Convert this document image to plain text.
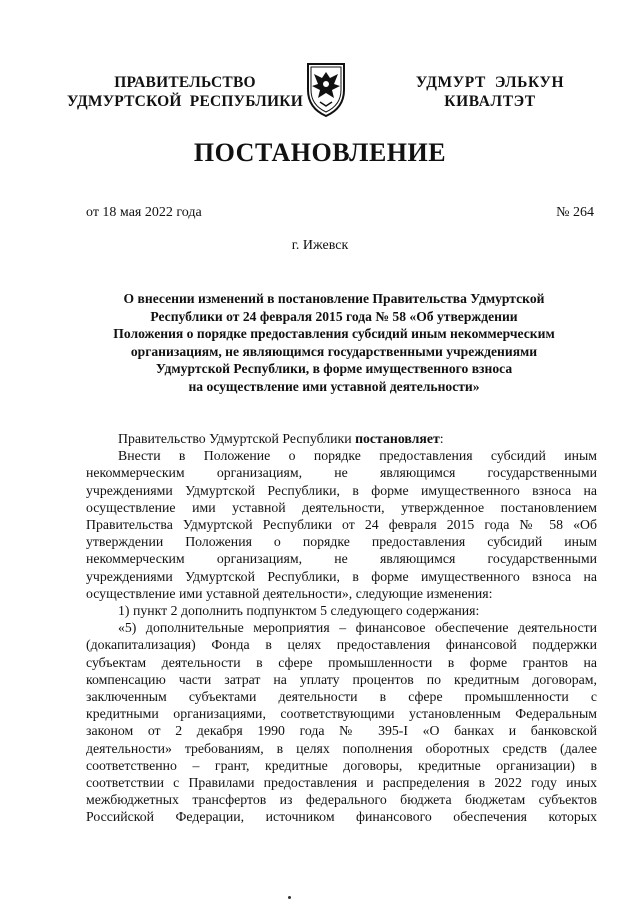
ПРАВИТЕЛЬСТВО
УДМУРТСКОЙ  РЕСПУБЛИКИ
УДМУРТ  ЭЛЬКУН
КИВАЛТЭТ
ПОСТАНОВЛЕНИЕ
от 18 мая 2022 года	№ 264
г. Ижевск
О внесении изменений в постановление Правительства Удмуртской
Республики от 24 февраля 2015 года № 58 «Об утверждении
Положения о порядке предоставления субсидий иным некоммерческим
организациям, не являющимся государственными учреждениями
Удмуртской Республики, в форме имущественного взноса
на осуществление ими уставной деятельности»

Правительство Удмуртской Республики постановляет:

Внести в Положение о порядке предоставления субсидий иным

некоммерческим организациям, не являющимся государственными

учреждениями Удмуртской Республики, в форме имущественного взноса на

осуществление ими уставной деятельности, утвержденное постановлением

Правительства Удмуртской Республики от 24 февраля 2015 года № 58 «Об

утверждении Положения о порядке предоставления субсидий иным

некоммерческим организациям, не являющимся государственными

учреждениями Удмуртской Республики, в форме имущественного взноса на

осуществление ими уставной деятельности», следующие изменения:

1) пункт 2 дополнить подпунктом 5 следующего содержания:

«5) дополнительные мероприятия – финансовое обеспечение деятельности

(докапитализация) Фонда в целях предоставления финансовой поддержки

субъектам деятельности в сфере промышленности в форме грантов на

компенсацию части затрат на уплату процентов по кредитным договорам,

заключенным субъектами деятельности в сфере промышленности с

кредитными организациями, соответствующими установленным Федеральным

законом от 2 декабря 1990 года № 395-I «О банках и банковской

деятельности» требованиям, в целях пополнения оборотных средств (далее

соответственно – грант, кредитные договоры, кредитные организации) в

соответствии с Правилами предоставления и распределения в 2022 году иных

межбюджетных трансфертов из федерального бюджета бюджетам субъектов

Российской Федерации, источником финансового обеспечения которых
